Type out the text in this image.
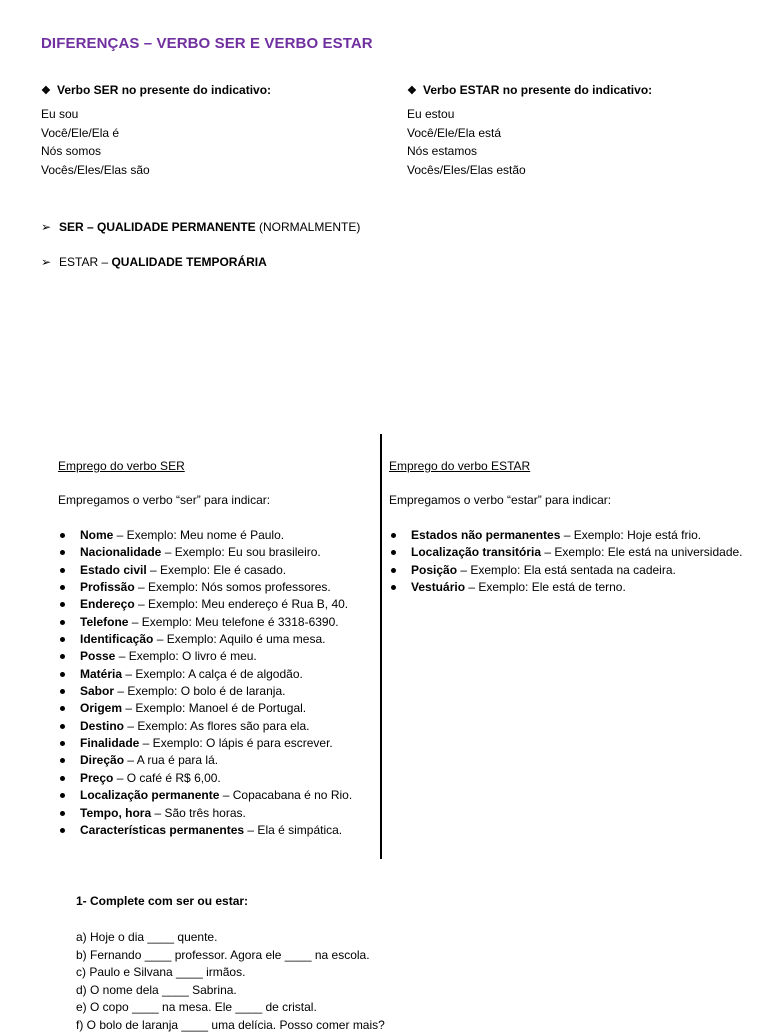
DIFERENÇAS – VERBO SER E VERBO ESTAR
❖ Verbo SER no presente do indicativo:
Eu sou
Você/Ele/Ela é
Nós somos
Vocês/Eles/Elas são
❖ Verbo ESTAR no presente do indicativo:
Eu estou
Você/Ele/Ela está
Nós estamos
Vocês/Eles/Elas estão
➢ SER – QUALIDADE PERMANENTE (NORMALMENTE)
➢ ESTAR – QUALIDADE TEMPORÁRIA
Emprego do verbo SER
Empregamos o verbo “ser” para indicar:
Nome – Exemplo: Meu nome é Paulo.
Nacionalidade – Exemplo: Eu sou brasileiro.
Estado civil – Exemplo: Ele é casado.
Profissão – Exemplo: Nós somos professores.
Endereço – Exemplo: Meu endereço é Rua B, 40.
Telefone – Exemplo: Meu telefone é 3318-6390.
Identificação – Exemplo: Aquilo é uma mesa.
Posse – Exemplo: O livro é meu.
Matéria – Exemplo: A calça é de algodão.
Sabor – Exemplo: O bolo é de laranja.
Origem – Exemplo: Manoel é de Portugal.
Destino – Exemplo: As flores são para ela.
Finalidade – Exemplo: O lápis é para escrever.
Direção – A rua é para lá.
Preço – O café é R$ 6,00.
Localização permanente – Copacabana é no Rio.
Tempo, hora – São três horas.
Características permanentes – Ela é simpática.
Emprego do verbo ESTAR
Empregamos o verbo “estar” para indicar:
Estados não permanentes – Exemplo: Hoje está frio.
Localização transitória – Exemplo: Ele está na universidade.
Posição – Exemplo: Ela está sentada na cadeira.
Vestuário – Exemplo: Ele está de terno.
1- Complete com ser ou estar:
a) Hoje o dia ____ quente.
b) Fernando ____ professor. Agora ele ____ na escola.
c) Paulo e Silvana ____ irmãos.
d) O nome dela ____ Sabrina.
e) O copo ____ na mesa. Ele ____ de cristal.
f) O bolo de laranja ____ uma delícia. Posso comer mais?
